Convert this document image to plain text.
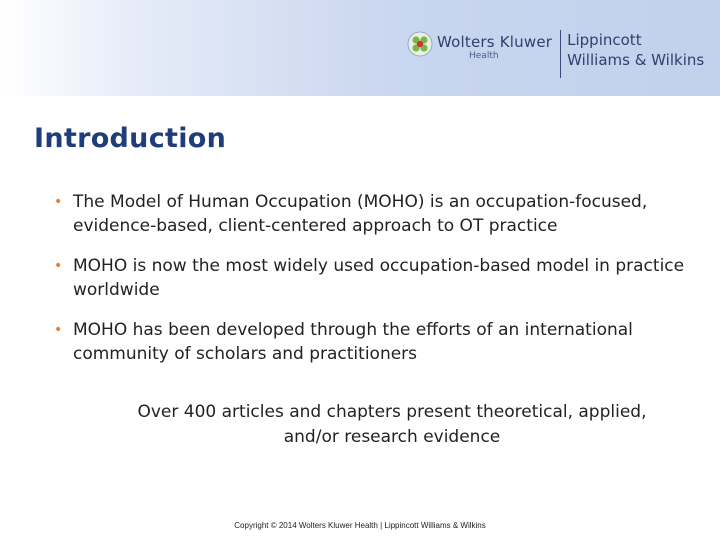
Wolters Kluwer
Health
Lippincott
Williams & Wilkins
Introduction
• The Model of Human Occupation (MOHO) is an occupation-focused, evidence-based, client-centered approach to OT practice
• MOHO is now the most widely used occupation-based model in practice worldwide
• MOHO has been developed through the efforts of an international community of scholars and practitioners
Over 400 articles and chapters present theoretical, applied, and/or research evidence
Copyright © 2014 Wolters Kluwer Health | Lippincott Williams & Wilkins
